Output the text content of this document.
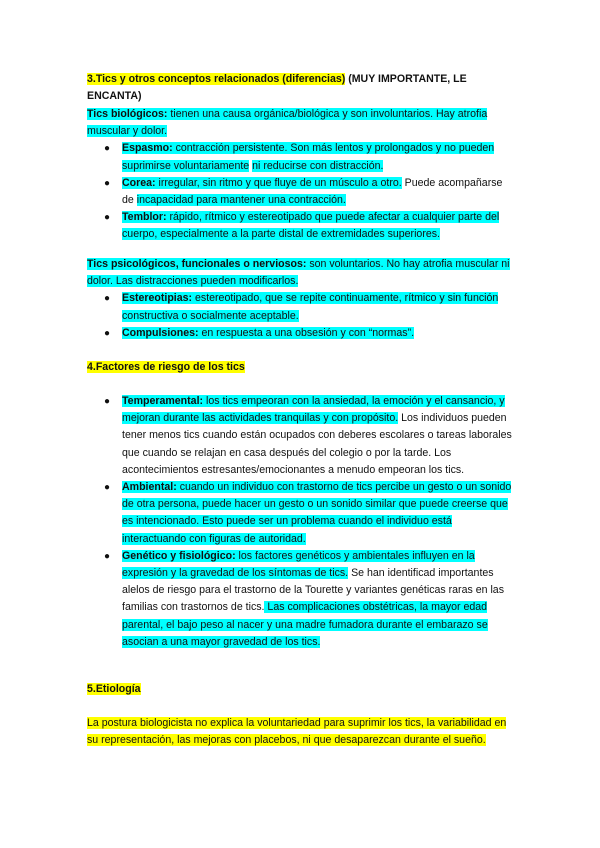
3.Tics y otros conceptos relacionados (diferencias) (MUY IMPORTANTE, LE ENCANTA)

Tics biológicos: tienen una causa orgánica/biológica y son involuntarios. Hay atrofia muscular y dolor.

● Espasmo: contracción persistente. Son más lentos y prolongados y no pueden suprimirse voluntariamente ni reducirse con distracción.
● Corea: irregular, sin ritmo y que fluye de un músculo a otro. Puede acompañarse de incapacidad para mantener una contracción.
● Temblor: rápido, rítmico y estereotipado que puede afectar a cualquier parte del cuerpo, especialmente a la parte distal de extremidades superiores.

Tics psicológicos, funcionales o nerviosos: son voluntarios. No hay atrofia muscular ni dolor. Las distracciones pueden modificarlos.

● Estereotipias: estereotipado, que se repite continuamente, rítmico y sin función constructiva o socialmente aceptable.
● Compulsiones: en respuesta a una obsesión y con “normas”.
4.Factores de riesgo de los tics
● Temperamental: los tics empeoran con la ansiedad, la emoción y el cansancio, y mejoran durante las actividades tranquilas y con propósito. Los individuos pueden tener menos tics cuando están ocupados con deberes escolares o tareas laborales que cuando se relajan en casa después del colegio o por la tarde. Los acontecimientos estresantes/emocionantes a menudo empeoran los tics.
● Ambiental: cuando un individuo con trastorno de tics percibe un gesto o un sonido de otra persona, puede hacer un gesto o un sonido similar que puede creerse que es intencionado. Esto puede ser un problema cuando el individuo está interactuando con figuras de autoridad.
● Genético y fisiológico: los factores genéticos y ambientales influyen en la expresión y la gravedad de los síntomas de tics. Se han identificad importantes alelos de riesgo para el trastorno de la Tourette y variantes genéticas raras en las familias con trastornos de tics. Las complicaciones obstétricas, la mayor edad parental, el bajo peso al nacer y una madre fumadora durante el embarazo se asocian a una mayor gravedad de los tics.
5.Etiología
La postura biologicista no explica la voluntariedad para suprimir los tics, la variabilidad en su representación, las mejoras con placebos, ni que desaparezcan durante el sueño.
